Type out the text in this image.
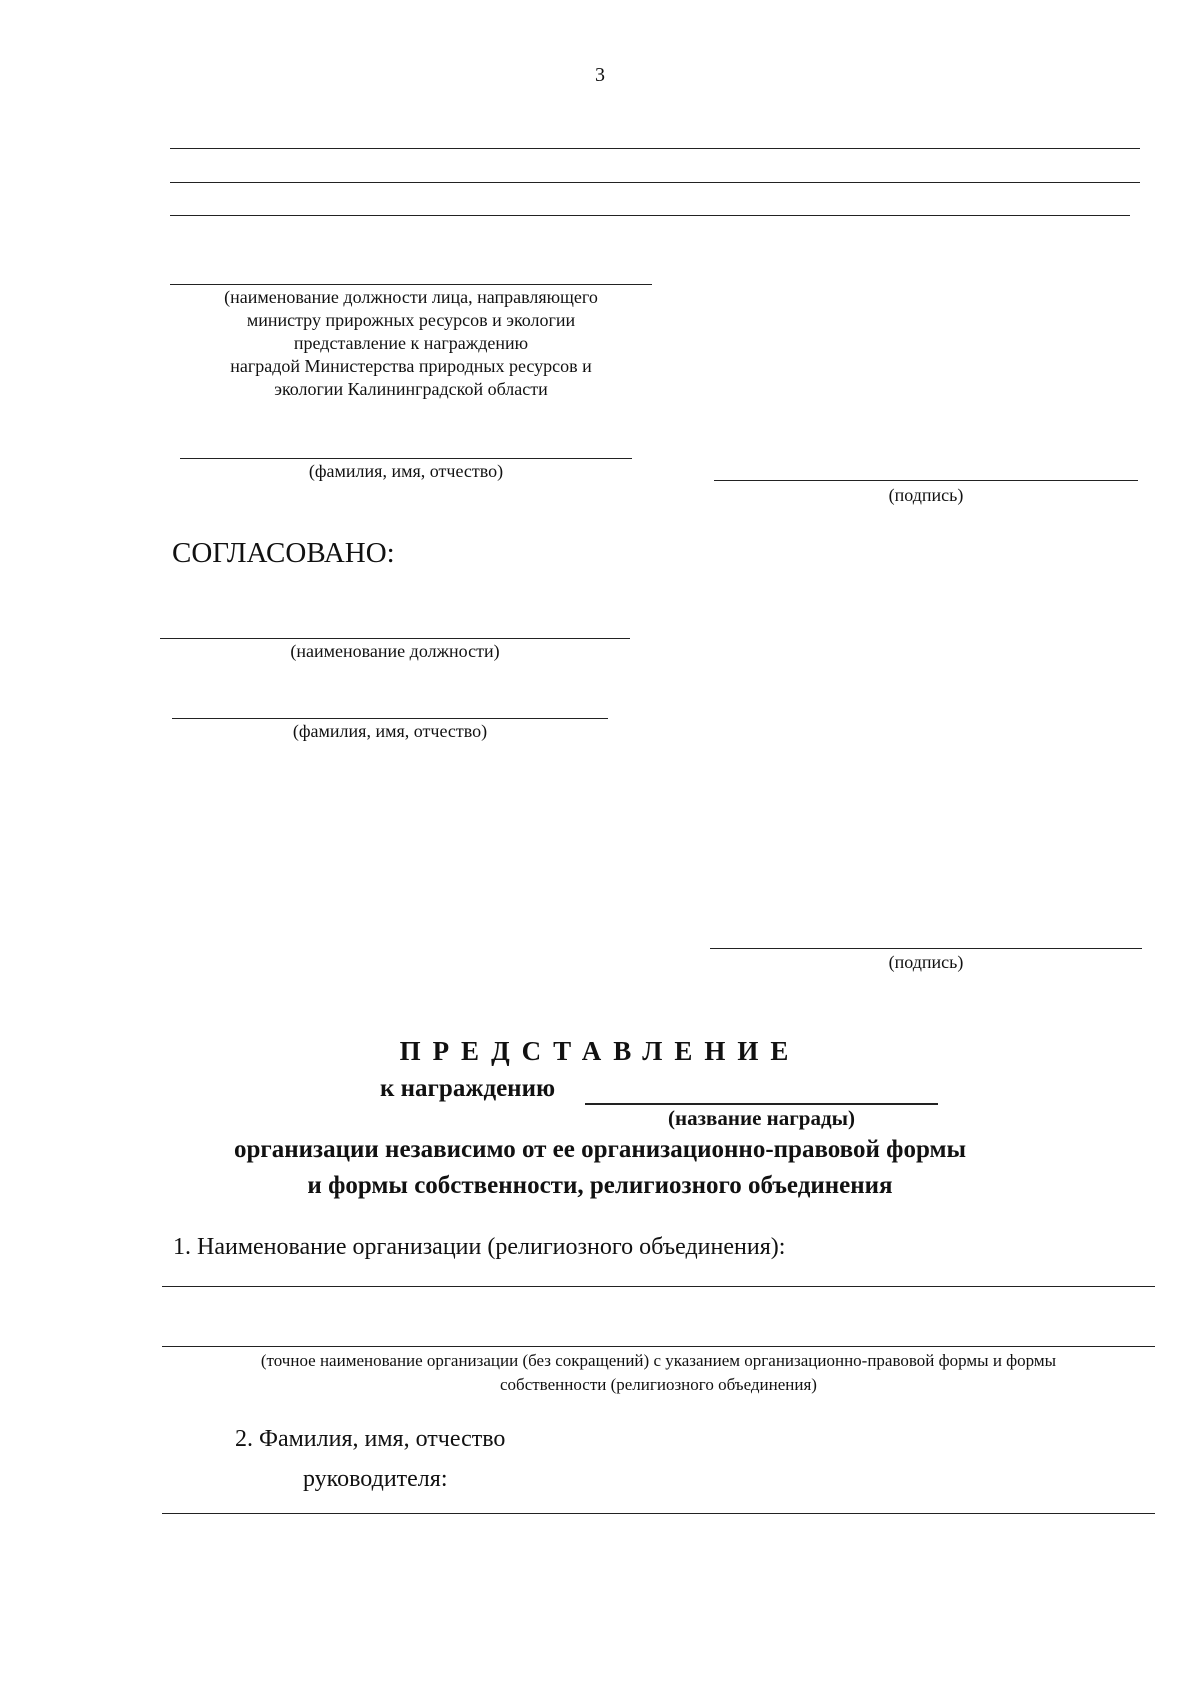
3
(наименование должности лица, направляющего
министру прирожных ресурсов и экологии
представление к награждению
наградой Министерства природных ресурсов и
экологии Калининградской области
(фамилия, имя, отчество)
(подпись)
СОГЛАСОВАНО:
(наименование должности)
(фамилия, имя, отчество)
(подпись)
ПРЕДСТАВЛЕНИЕ
к награждению
(название награды)
организации независимо от ее организационно-правовой формы
и формы собственности, религиозного объединения
1. Наименование организации (религиозного объединения):
(точное наименование организации (без сокращений) с указанием организационно-правовой формы и формы
собственности (религиозного объединения)
2. Фамилия, имя, отчество
руководителя:
